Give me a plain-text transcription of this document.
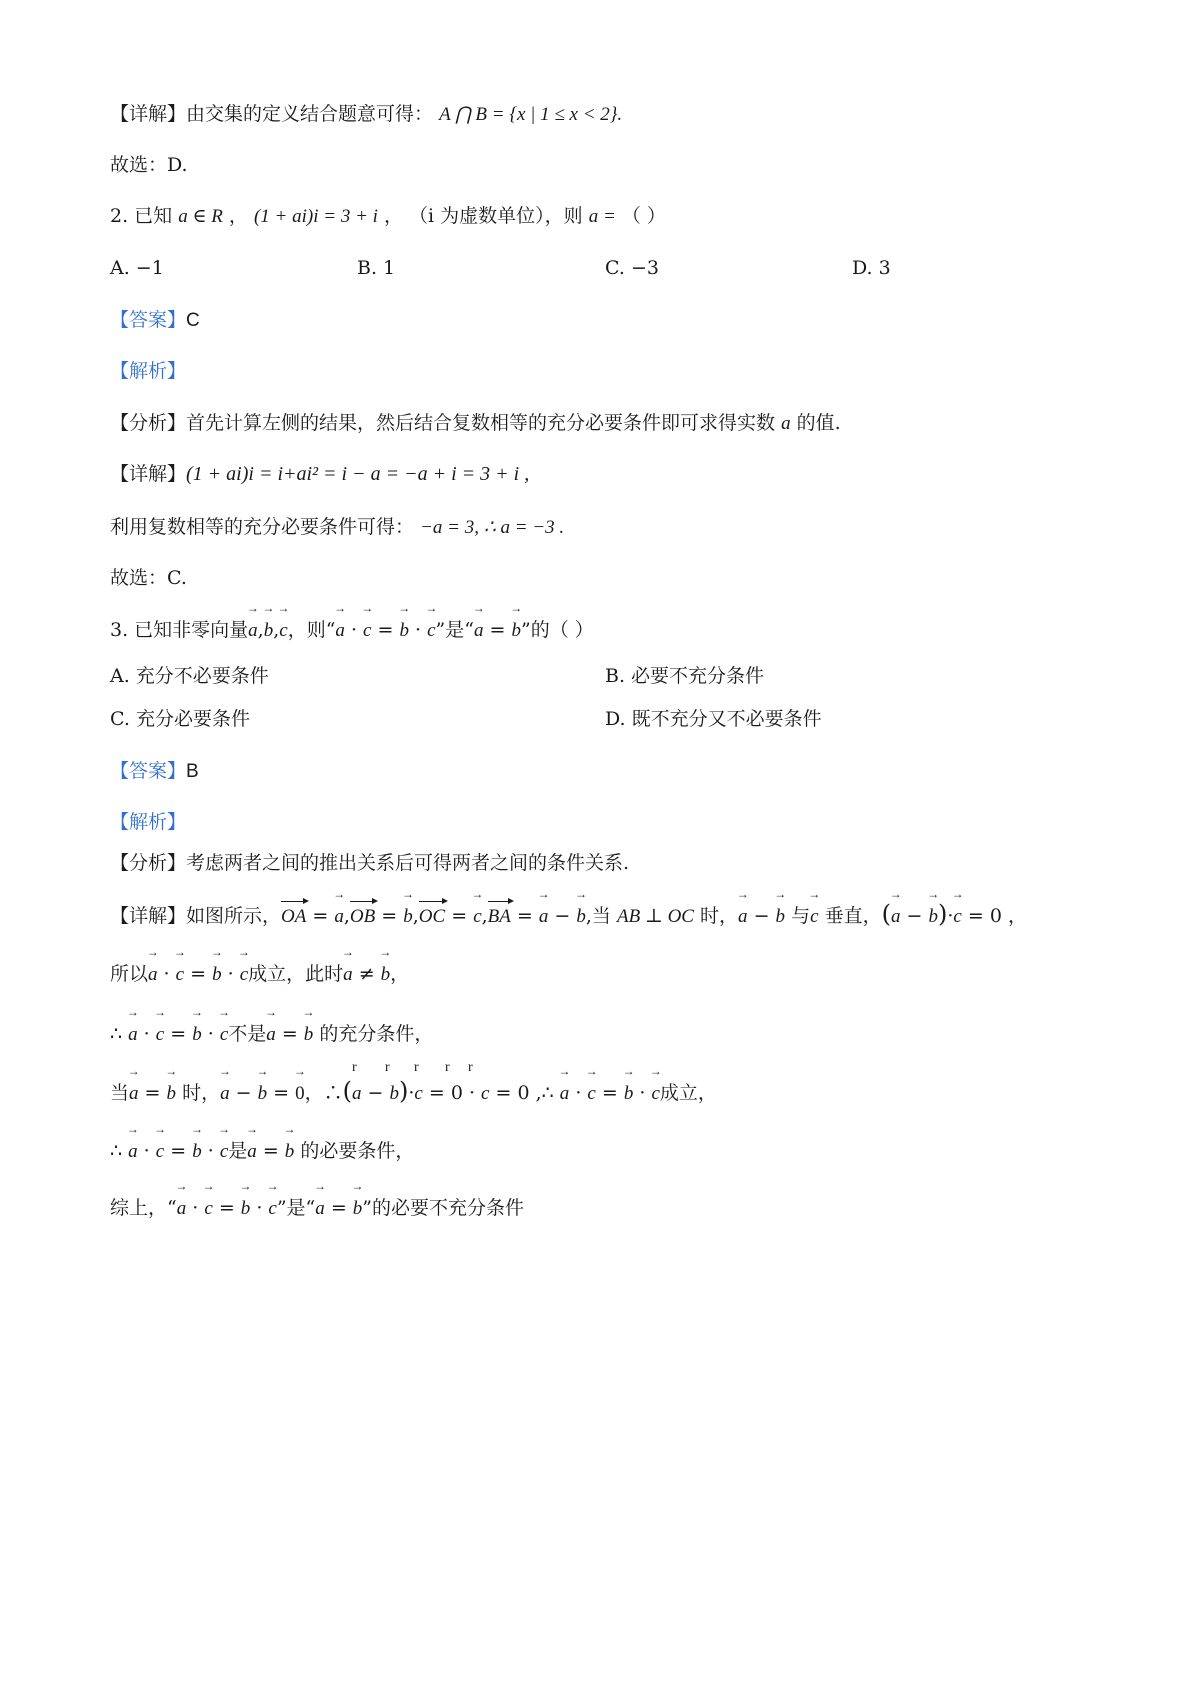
【详解】由交集的定义结合题意可得： A ⋂ B = {x | 1 ≤ x < 2}.
故选：D.
2. 已知 a ∈ R ， (1 + ai)i = 3 + i ， （i 为虚数单位），则 a = （ ）
A. −1	B. 1	C. −3	D. 3
【答案】C
【解析】
【分析】首先计算左侧的结果，然后结合复数相等的充分必要条件即可求得实数 a 的值.
【详解】(1 + ai)i = i+ai² = i − a = −a + i = 3 + i ,
利用复数相等的充分必要条件可得： −a = 3, ∴ a = −3 .
故选：C.
3. 已知非零向量→ a,→ b,→ c，则“→ a · → c = → b · → c”是“→ a = → b”的（ ）
A. 充分不必要条件	B. 必要不充分条件
C. 充分必要条件	D. 既不充分又不必要条件
【答案】B
【解析】
【分析】考虑两者之间的推出关系后可得两者之间的条件关系.
【详解】如图所示，OA = → a,OB = → b,OC = → c,BA = → a − → b,当 AB ⊥ OC 时，→ a − → b 与→ c 垂直，(→ a − → b)·→ c = 0 ，
所以→ a · → c = → b · → c成立，此时→ a ≠ → b，
∴ → a · → c = → b · → c不是→ a = → b 的充分条件，
r r r r r
当→ a = → b 时，→ a − → b = → 0，∴(a − b)·c = 0 · c = 0 ,∴ → a · → c = → b · → c成立，
∴ → a · → c = → b · → c是→ a = → b 的必要条件，
综上，“→ a · → c = → b · → c”是“→ a = → b”的必要不充分条件
